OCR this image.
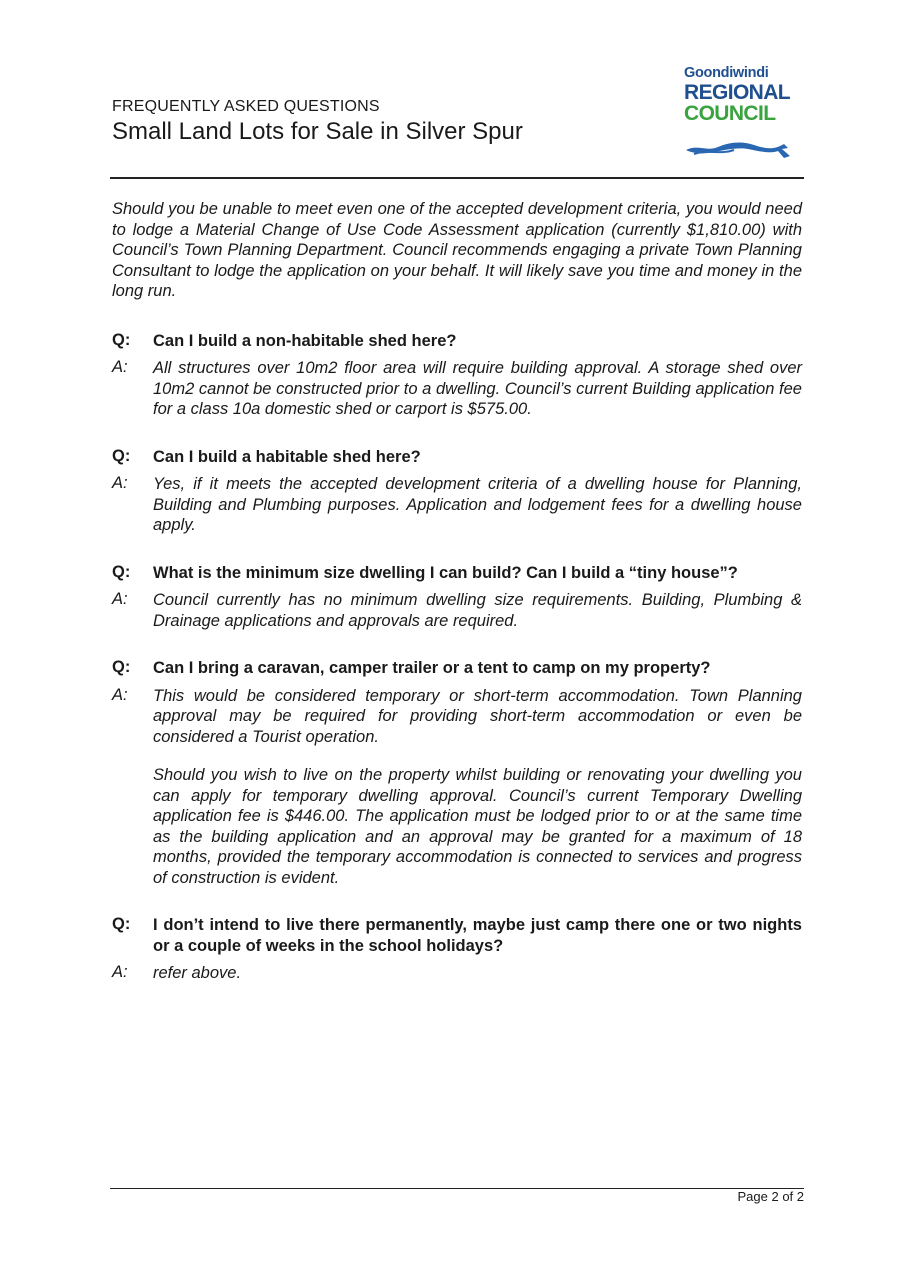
FREQUENTLY ASKED QUESTIONS

Small Land Lots for Sale in Silver Spur

Goondiwindi

REGIONAL

COUNCIL

Should you be unable to meet even one of the accepted development criteria, you would need to lodge a Material Change of Use Code Assessment application (currently $1,810.00) with Council’s Town Planning Department. Council recommends engaging a private Town Planning Consultant to lodge the application on your behalf. It will likely save you time and money in the long run.

Q:	Can I build a non-habitable shed here?
A:	All structures over 10m2 floor area will require building approval. A storage shed over 10m2 cannot be constructed prior to a dwelling. Council’s current Building application fee for a class 10a domestic shed or carport is $575.00.

Q:	Can I build a habitable shed here?
A:	Yes, if it meets the accepted development criteria of a dwelling house for Planning, Building and Plumbing purposes. Application and lodgement fees for a dwelling house apply.

Q:	What is the minimum size dwelling I can build? Can I build a “tiny house”?
A:	Council currently has no minimum dwelling size requirements. Building, Plumbing & Drainage applications and approvals are required.

Q:	Can I bring a caravan, camper trailer or a tent to camp on my property?
A:	This would be considered temporary or short-term accommodation. Town Planning approval may be required for providing short-term accommodation or even be considered a Tourist operation.

Should you wish to live on the property whilst building or renovating your dwelling you can apply for temporary dwelling approval. Council’s current Temporary Dwelling application fee is $446.00. The application must be lodged prior to or at the same time as the building application and an approval may be granted for a maximum of 18 months, provided the temporary accommodation is connected to services and progress of construction is evident.

Q:	I don’t intend to live there permanently, maybe just camp there one or two nights or a couple of weeks in the school holidays?
A:	refer above.

Page 2 of 2
